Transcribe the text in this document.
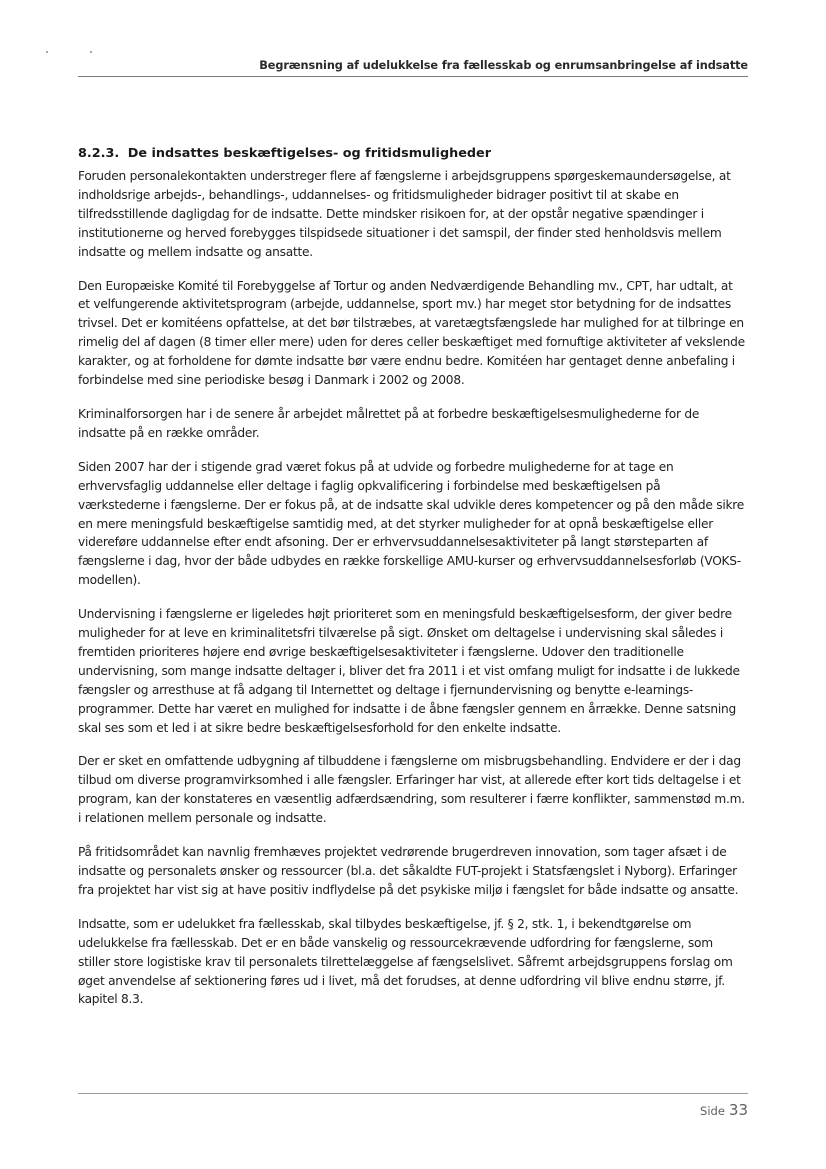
Begrænsning af udelukkelse fra fællesskab og enrumsanbringelse af indsatte
8.2.3. De indsattes beskæftigelses- og fritidsmuligheder

Foruden personalekontakten understreger flere af fængslerne i arbejdsgruppens spørgeskemaundersøgelse, at indholdsrige arbejds-, behandlings-, uddannelses- og fritidsmuligheder bidrager positivt til at skabe en tilfredsstillende dagligdag for de indsatte. Dette mindsker risikoen for, at der opstår negative spændinger i institutionerne og herved forebygges tilspidsede situationer i det samspil, der finder sted henholdsvis mellem indsatte og mellem indsatte og ansatte.

Den Europæiske Komité til Forebyggelse af Tortur og anden Nedværdigende Behandling mv., CPT, har udtalt, at et velfungerende aktivitetsprogram (arbejde, uddannelse, sport mv.) har meget stor betydning for de indsattes trivsel. Det er komitéens opfattelse, at det bør tilstræbes, at varetægtsfængslede har mulighed for at tilbringe en rimelig del af dagen (8 timer eller mere) uden for deres celler beskæftiget med fornuftige aktiviteter af vekslende karakter, og at forholdene for dømte indsatte bør være endnu bedre. Komitéen har gentaget denne anbefaling i forbindelse med sine periodiske besøg i Danmark i 2002 og 2008.

Kriminalforsorgen har i de senere år arbejdet målrettet på at forbedre beskæftigelsesmulighederne for de indsatte på en række områder.

Siden 2007 har der i stigende grad været fokus på at udvide og forbedre mulighederne for at tage en erhvervsfaglig uddannelse eller deltage i faglig opkvalificering i forbindelse med beskæftigelsen på værkstederne i fængslerne. Der er fokus på, at de indsatte skal udvikle deres kompetencer og på den måde sikre en mere meningsfuld beskæftigelse samtidig med, at det styrker muligheder for at opnå beskæftigelse eller videreføre uddannelse efter endt afsoning. Der er erhvervsuddannelsesaktiviteter på langt størsteparten af fængslerne i dag, hvor der både udbydes en række forskellige AMU-kurser og erhvervsuddannelsesforløb (VOKS-modellen).

Undervisning i fængslerne er ligeledes højt prioriteret som en meningsfuld beskæftigelsesform, der giver bedre muligheder for at leve en kriminalitetsfri tilværelse på sigt. Ønsket om deltagelse i undervisning skal således i fremtiden prioriteres højere end øvrige beskæftigelsesaktiviteter i fængslerne. Udover den traditionelle undervisning, som mange indsatte deltager i, bliver det fra 2011 i et vist omfang muligt for indsatte i de lukkede fængsler og arresthuse at få adgang til Internettet og deltage i fjernundervisning og benytte e-learnings-programmer. Dette har været en mulighed for indsatte i de åbne fængsler gennem en årrække. Denne satsning skal ses som et led i at sikre bedre beskæftigelsesforhold for den enkelte indsatte.

Der er sket en omfattende udbygning af tilbuddene i fængslerne om misbrugsbehandling. Endvidere er der i dag tilbud om diverse programvirksomhed i alle fængsler. Erfaringer har vist, at allerede efter kort tids deltagelse i et program, kan der konstateres en væsentlig adfærdsændring, som resulterer i færre konflikter, sammenstød m.m. i relationen mellem personale og indsatte.

På fritidsområdet kan navnlig fremhæves projektet vedrørende brugerdreven innovation, som tager afsæt i de indsatte og personalets ønsker og ressourcer (bl.a. det såkaldte FUT-projekt i Statsfængslet i Nyborg). Erfaringer fra projektet har vist sig at have positiv indflydelse på det psykiske miljø i fængslet for både indsatte og ansatte.

Indsatte, som er udelukket fra fællesskab, skal tilbydes beskæftigelse, jf. § 2, stk. 1, i bekendtgørelse om udelukkelse fra fællesskab. Det er en både vanskelig og ressourcekrævende udfordring for fængslerne, som stiller store logistiske krav til personalets tilrettelæggelse af fængselslivet. Såfremt arbejdsgruppens forslag om øget anvendelse af sektionering føres ud i livet, må det forudses, at denne udfordring vil blive endnu større, jf. kapitel 8.3.

Side 33
